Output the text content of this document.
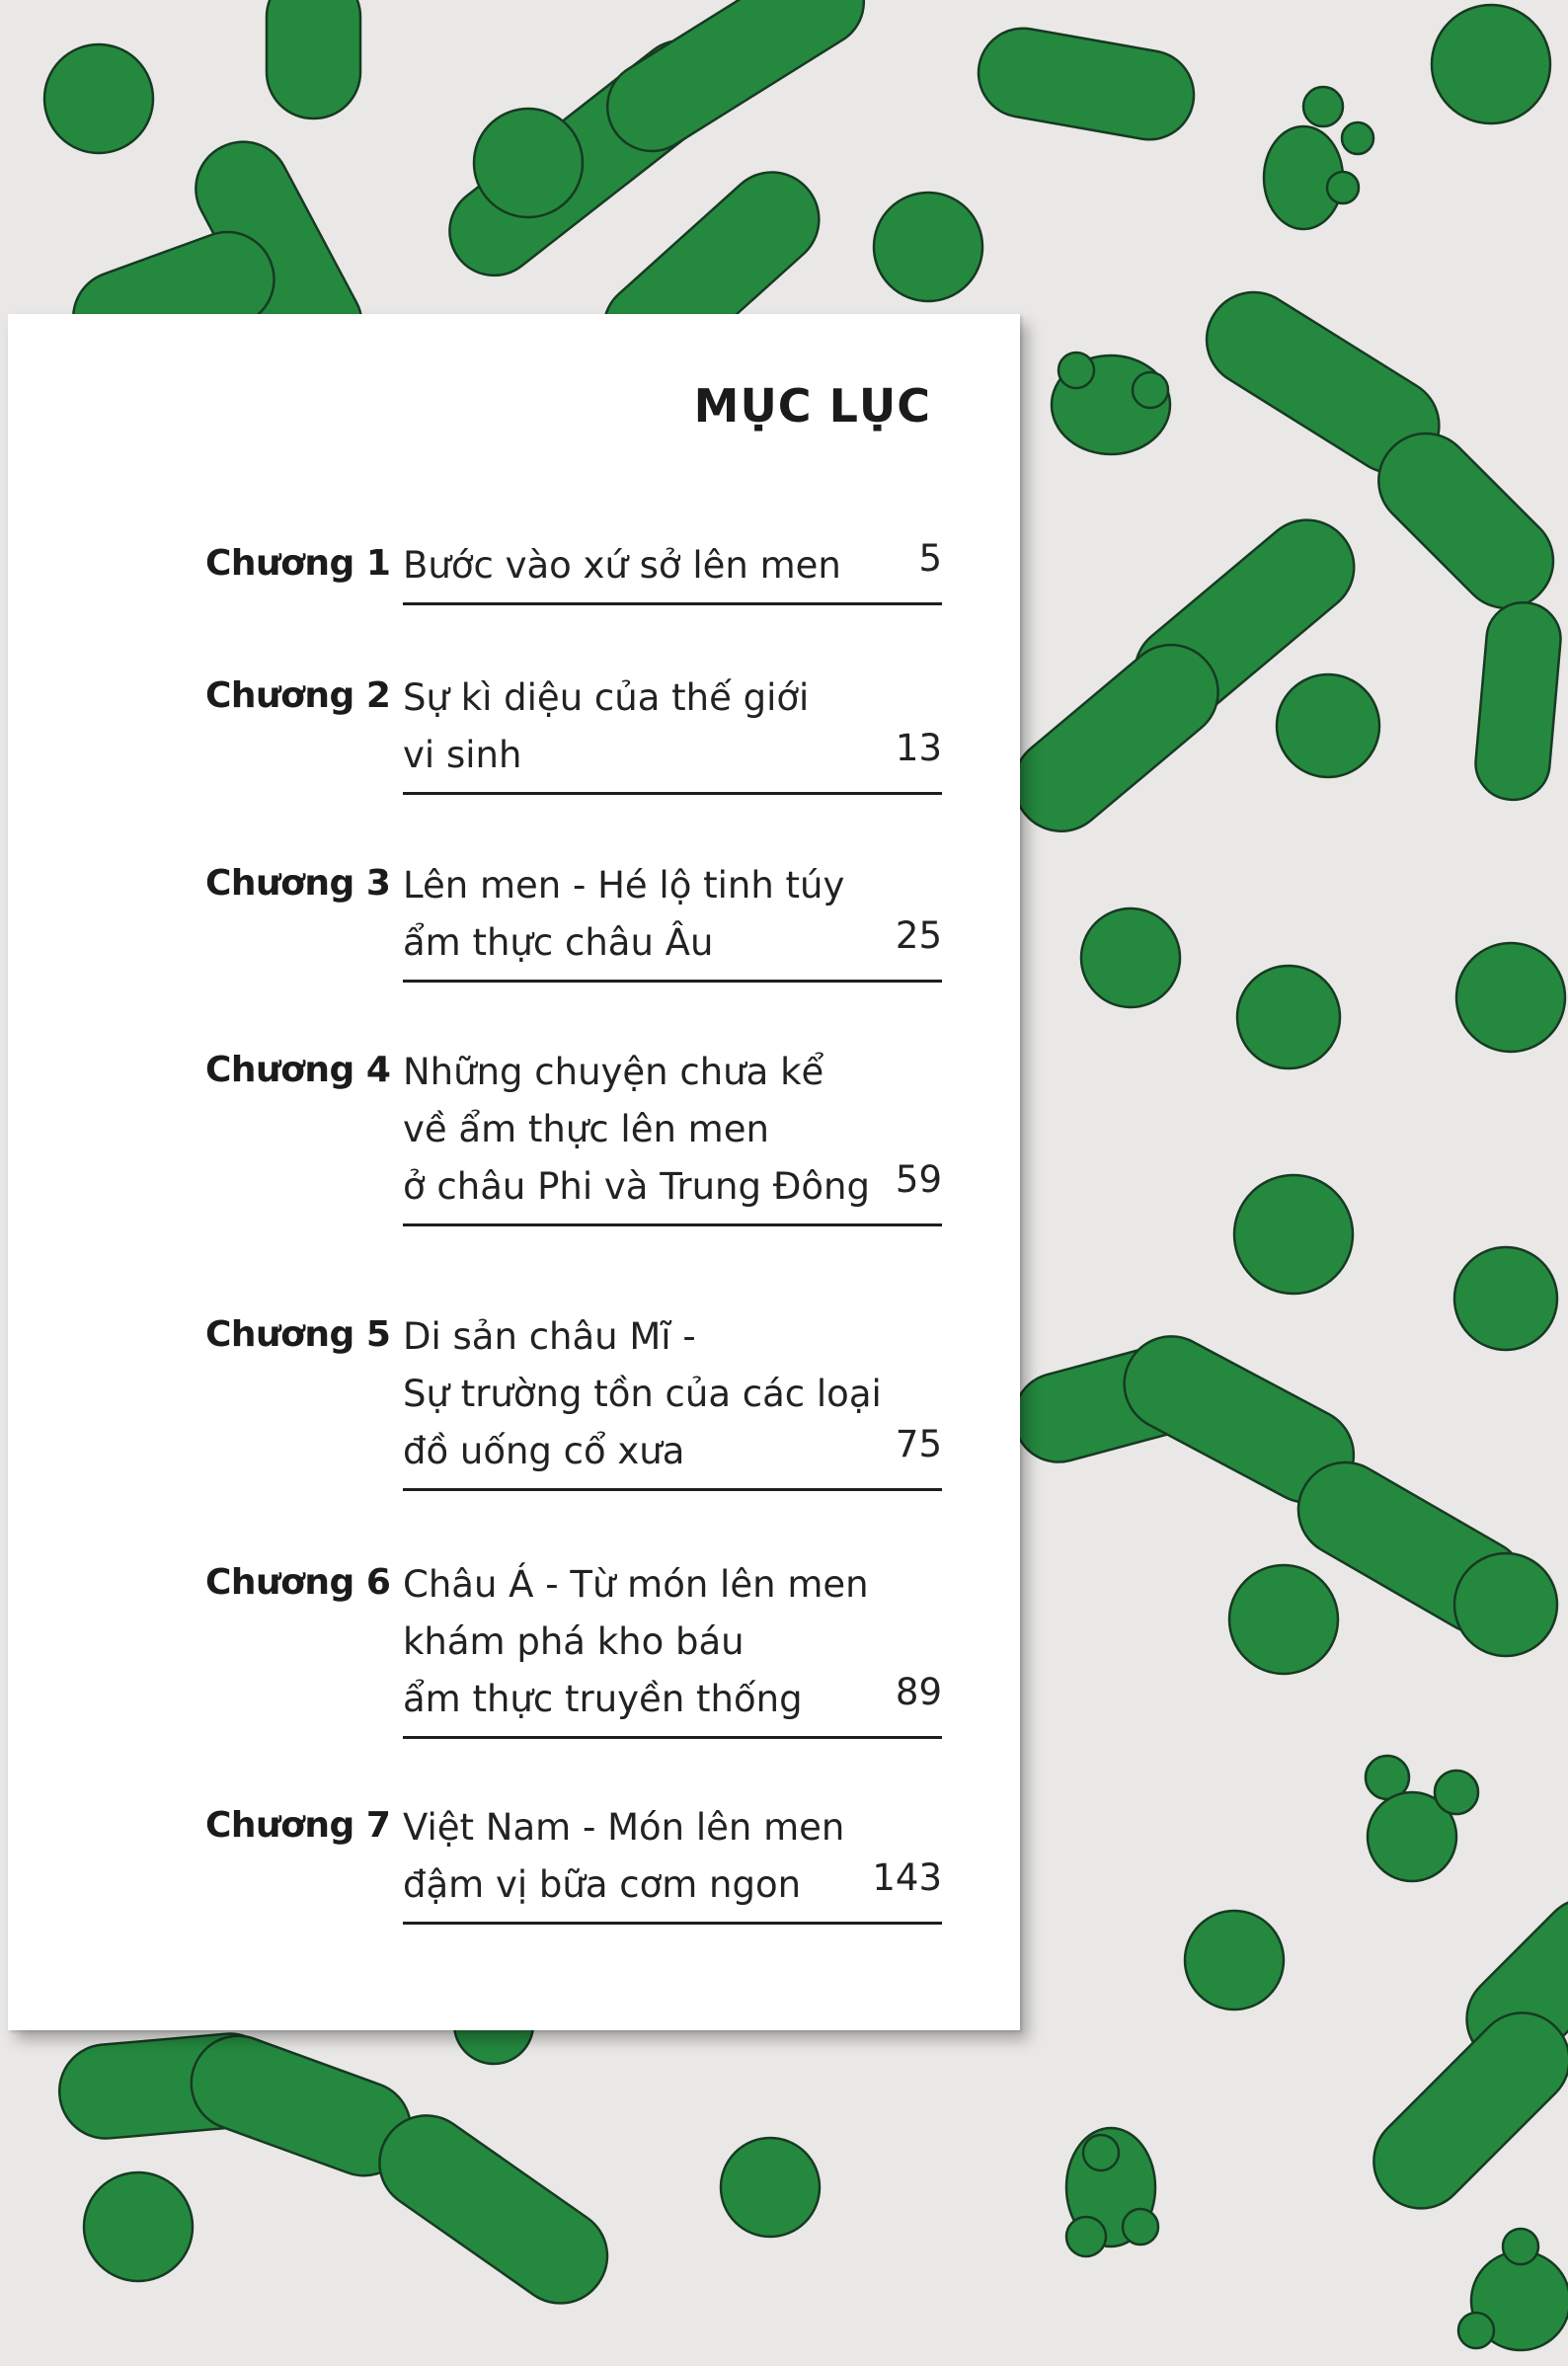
MỤC LỤC
Chương 1 Bước vào xứ sở lên men	5
Chương 2 Sự kì diệu của thế giới
vi sinh	13
Chương 3 Lên men - Hé lộ tinh túy
ẩm thực châu Âu	25
Chương 4 Những chuyện chưa kể
về ẩm thực lên men
ở châu Phi và Trung Đông 59
Chương 5 Di sản châu Mĩ -
Sự trường tồn của các loại
đồ uống cổ xưa	75
Chương 6 Châu Á - Từ món lên men
khám phá kho báu
ẩm thực truyền thống	89
Chương 7 Việt Nam - Món lên men
đậm vị bữa cơm ngon	143
